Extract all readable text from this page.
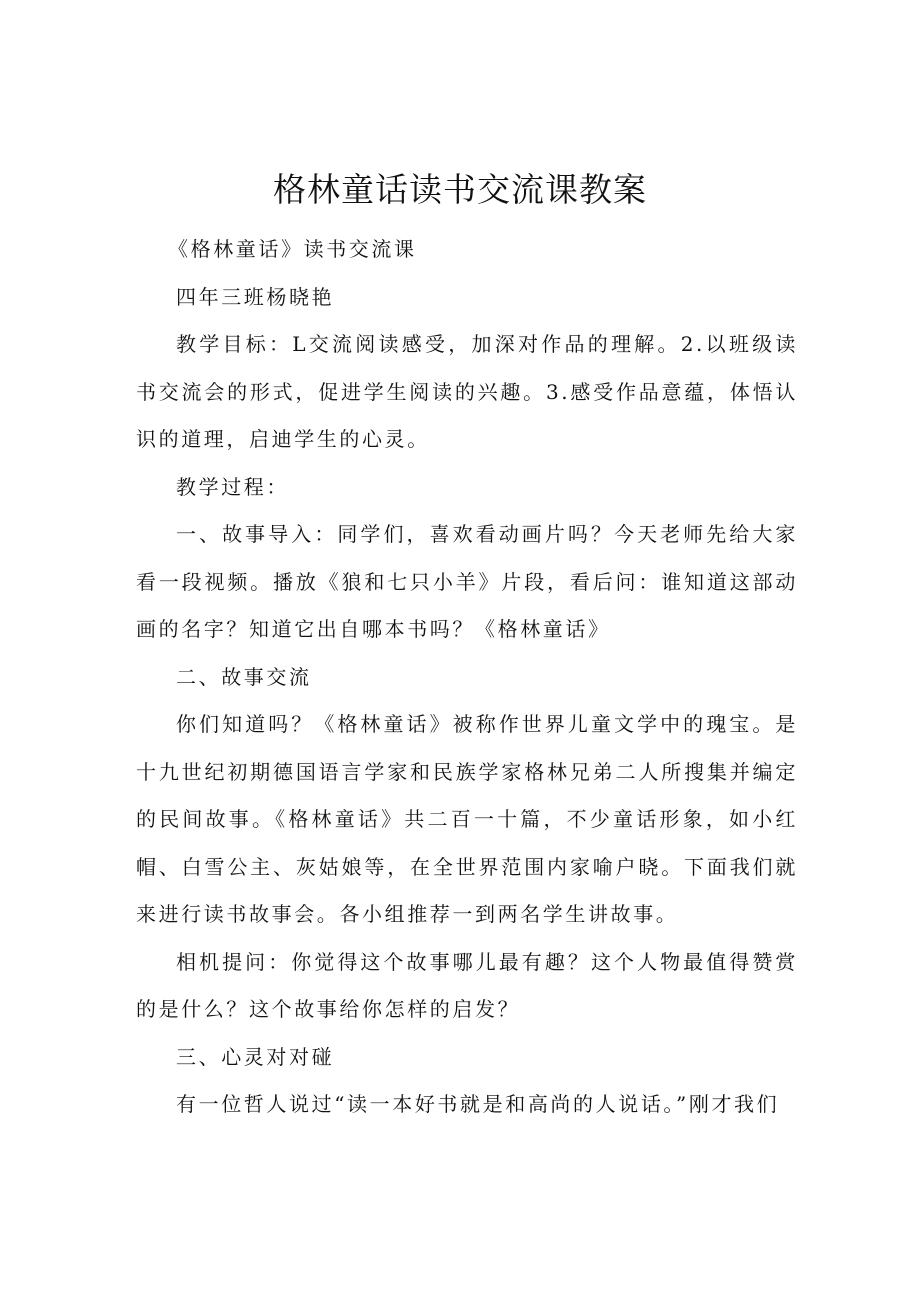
格林童话读书交流课教案

《格林童话》读书交流课

四年三班杨晓艳

教学目标：L交流阅读感受，加深对作品的理解。2.以班级读书交流会的形式，促进学生阅读的兴趣。3.感受作品意蕴，体悟认识的道理，启迪学生的心灵。

教学过程：

一、故事导入：同学们，喜欢看动画片吗？今天老师先给大家看一段视频。播放《狼和七只小羊》片段，看后问：谁知道这部动画的名字？知道它出自哪本书吗？《格林童话》

二、故事交流

你们知道吗？《格林童话》被称作世界儿童文学中的瑰宝。是十九世纪初期德国语言学家和民族学家格林兄弟二人所搜集并编定的民间故事。《格林童话》共二百一十篇，不少童话形象，如小红帽、白雪公主、灰姑娘等，在全世界范围内家喻户晓。下面我们就来进行读书故事会。各小组推荐一到两名学生讲故事。

相机提问：你觉得这个故事哪儿最有趣？这个人物最值得赞赏的是什么？这个故事给你怎样的启发？

三、心灵对对碰

有一位哲人说过“读一本好书就是和高尚的人说话。”刚才我们
